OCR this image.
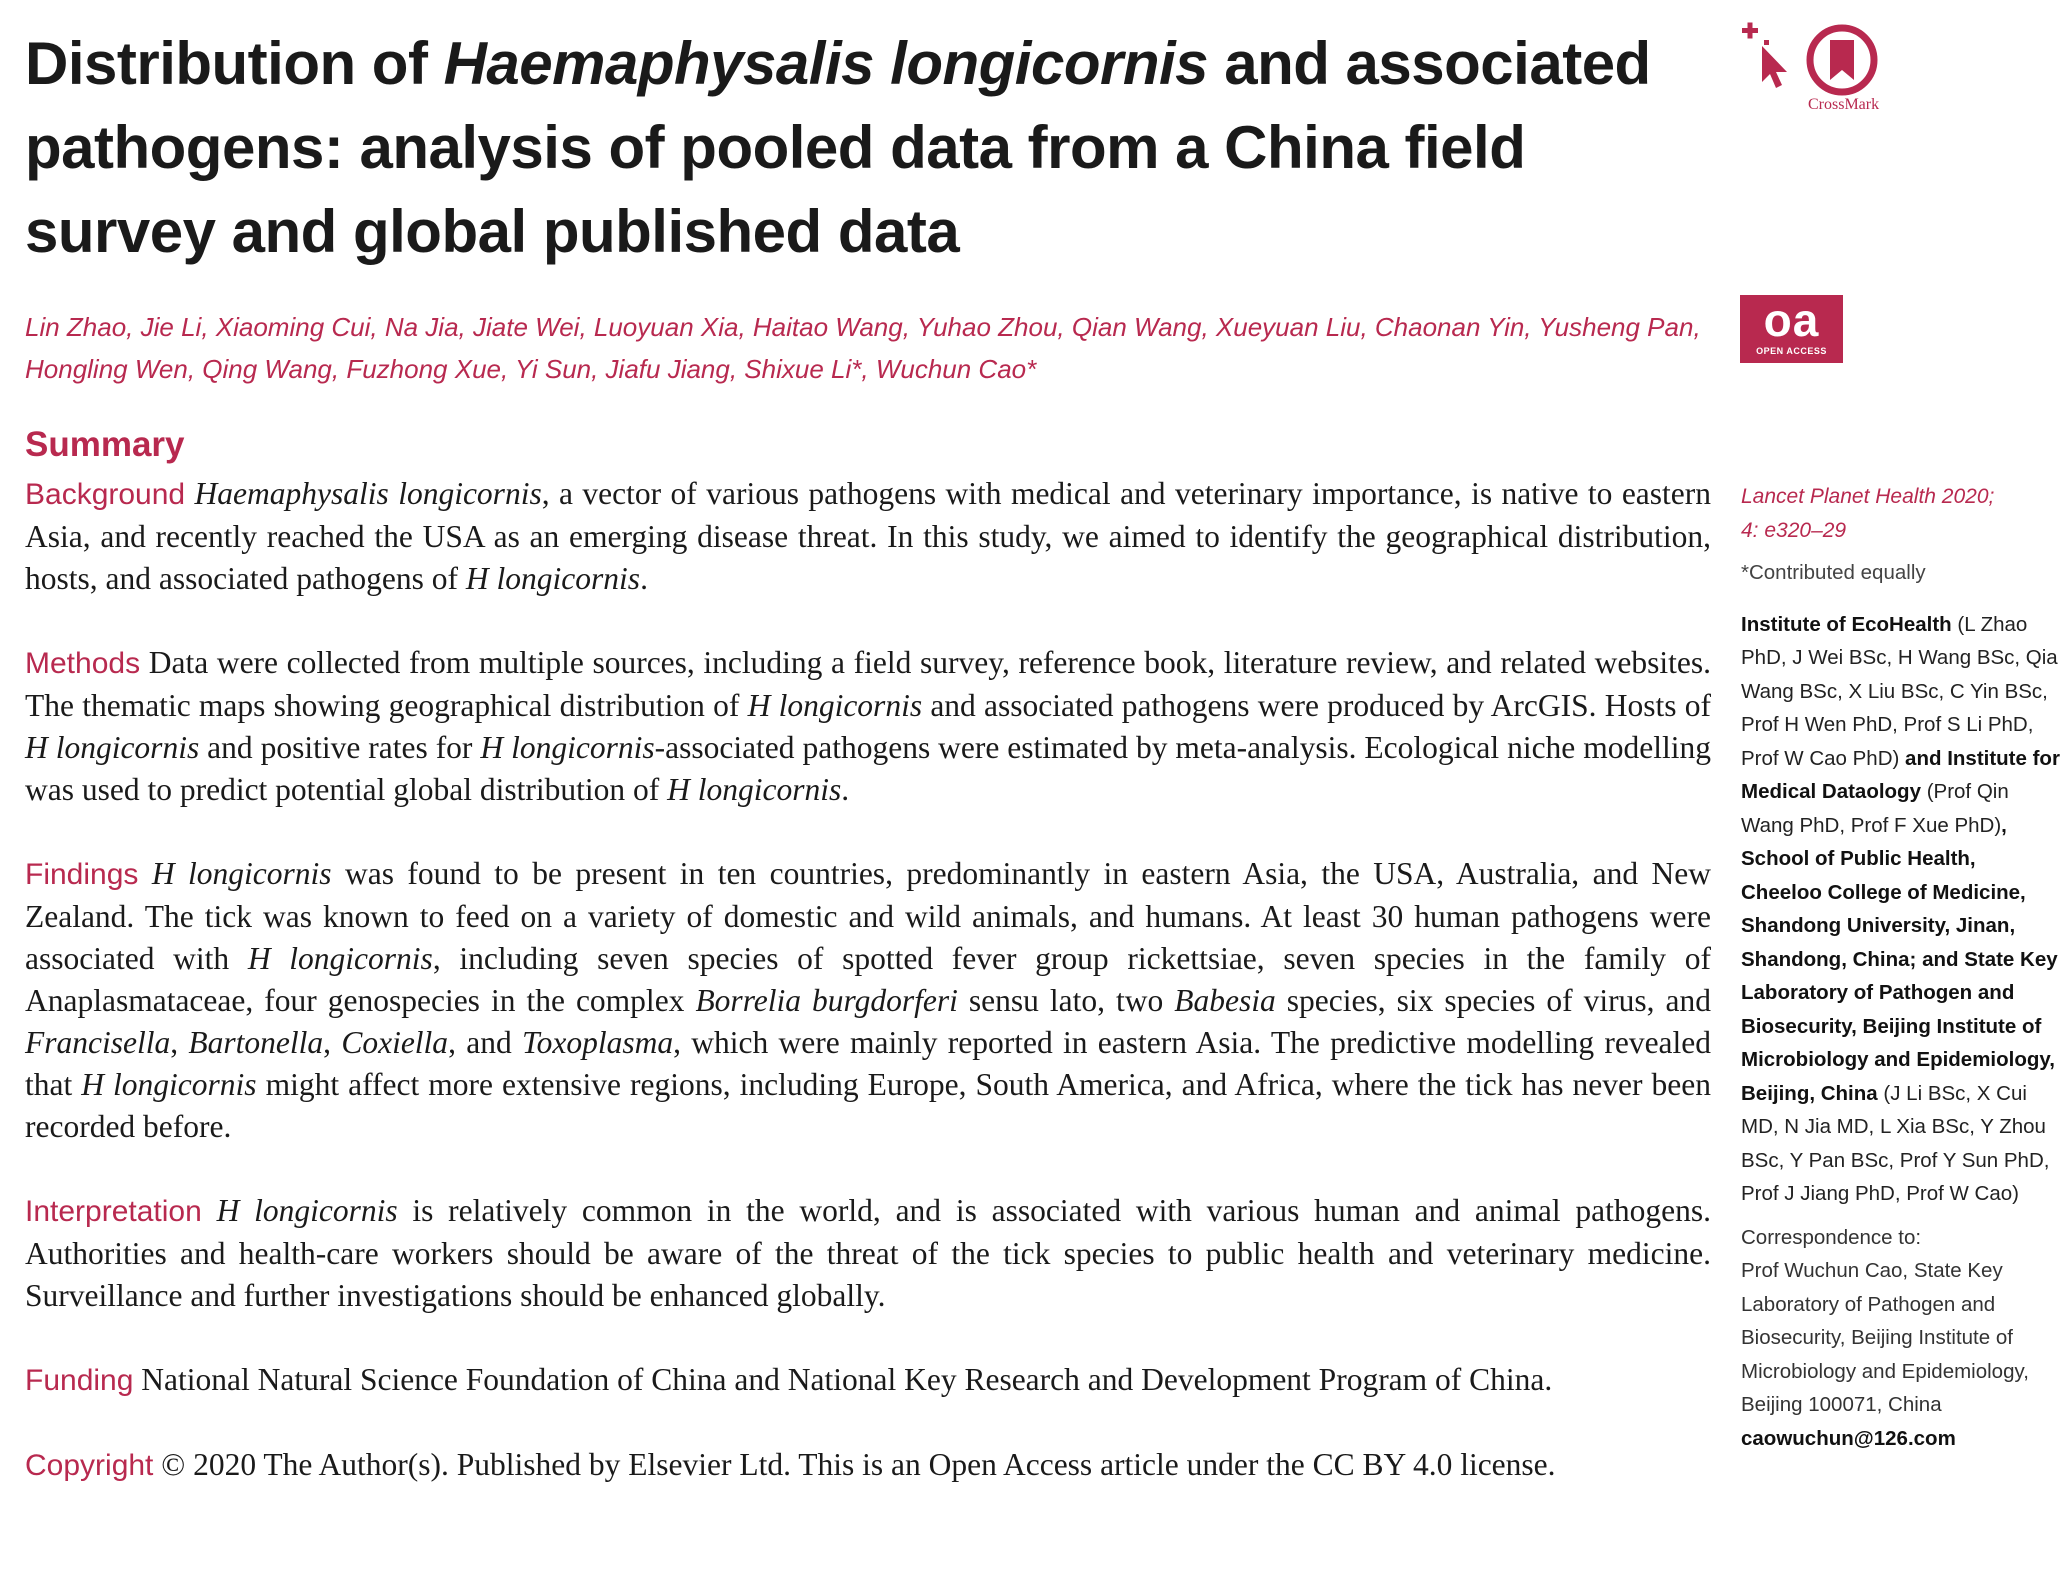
Distribution of Haemaphysalis longicornis and associated pathogens: analysis of pooled data from a China field survey and global published data
CrossMark
oa
OPEN ACCESS

Lin Zhao, Jie Li, Xiaoming Cui, Na Jia, Jiate Wei, Luoyuan Xia, Haitao Wang, Yuhao Zhou, Qian Wang, Xueyuan Liu, Chaonan Yin, Yusheng Pan, Hongling Wen, Qing Wang, Fuzhong Xue, Yi Sun, Jiafu Jiang, Shixue Li*, Wuchun Cao*

Summary

Background Haemaphysalis longicornis, a vector of various pathogens with medical and veterinary importance, is native to eastern Asia, and recently reached the USA as an emerging disease threat. In this study, we aimed to identify the geographical distribution, hosts, and associated pathogens of H longicornis.

Methods Data were collected from multiple sources, including a field survey, reference book, literature review, and related websites. The thematic maps showing geographical distribution of H longicornis and associated pathogens were produced by ArcGIS. Hosts of H longicornis and positive rates for H longicornis-associated pathogens were estimated by meta-analysis. Ecological niche modelling was used to predict potential global distribution of H longicornis.

Findings H longicornis was found to be present in ten countries, predominantly in eastern Asia, the USA, Australia, and New Zealand. The tick was known to feed on a variety of domestic and wild animals, and humans. At least 30 human pathogens were associated with H longicornis, including seven species of spotted fever group rickettsiae, seven species in the family of Anaplasmataceae, four genospecies in the complex Borrelia burgdorferi sensu lato, two Babesia species, six species of virus, and Francisella, Bartonella, Coxiella, and Toxoplasma, which were mainly reported in eastern Asia. The predictive modelling revealed that H longicornis might affect more extensive regions, including Europe, South America, and Africa, where the tick has never been recorded before.

Interpretation H longicornis is relatively common in the world, and is associated with various human and animal pathogens. Authorities and health-care workers should be aware of the threat of the tick species to public health and veterinary medicine. Surveillance and further investigations should be enhanced globally.

Funding National Natural Science Foundation of China and National Key Research and Development Program of China.

Copyright © 2020 The Author(s). Published by Elsevier Ltd. This is an Open Access article under the CC BY 4.0 license.

Lancet Planet Health 2020;
4: e320–29
*Contributed equally
Institute of EcoHealth (L Zhao PhD, J Wei BSc, H Wang BSc, Qia Wang BSc, X Liu BSc, C Yin BSc, Prof H Wen PhD, Prof S Li PhD, Prof W Cao PhD) and Institute for Medical Dataology (Prof Qin Wang PhD, Prof F Xue PhD), School of Public Health, Cheeloo College of Medicine, Shandong University, Jinan, Shandong, China; and State Key Laboratory of Pathogen and Biosecurity, Beijing Institute of Microbiology and Epidemiology, Beijing, China (J Li BSc, X Cui MD, N Jia MD, L Xia BSc, Y Zhou BSc, Y Pan BSc, Prof Y Sun PhD, Prof J Jiang PhD, Prof W Cao)
Correspondence to:
Prof Wuchun Cao, State Key Laboratory of Pathogen and Biosecurity, Beijing Institute of Microbiology and Epidemiology, Beijing 100071, China
caowuchun@126.com
